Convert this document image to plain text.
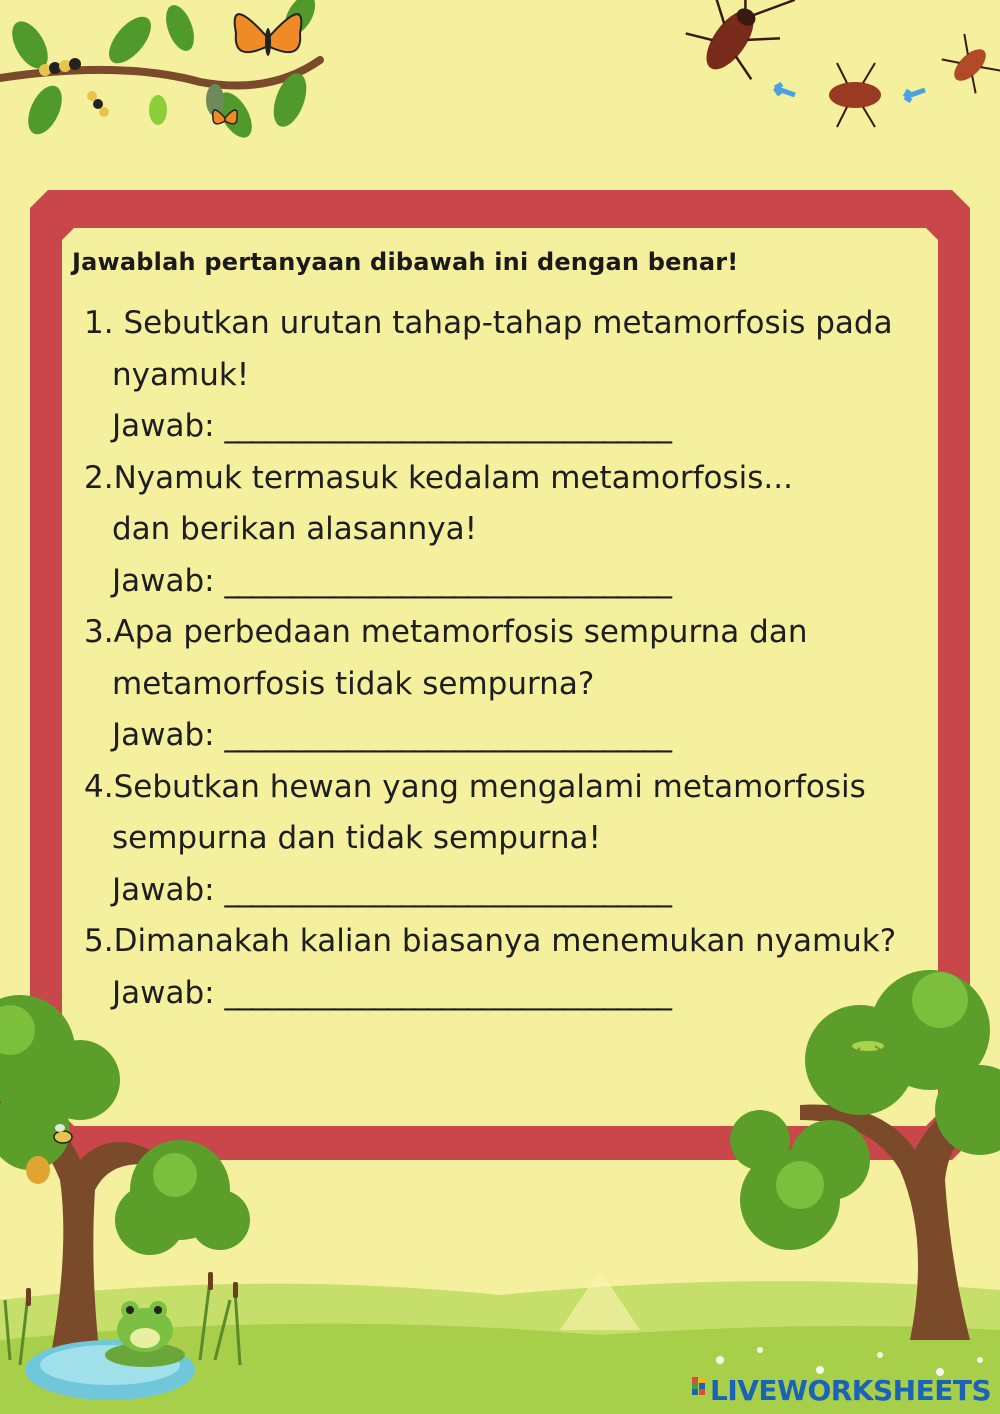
Jawablah pertanyaan dibawah ini dengan benar!
1. Sebutkan urutan tahap-tahap metamorfosis pada
nyamuk!
Jawab: _________________________________
2.Nyamuk termasuk kedalam metamorfosis...
dan berikan alasannya!
Jawab: _________________________________
3.Apa perbedaan metamorfosis sempurna dan
metamorfosis tidak sempurna?
Jawab: _________________________________
4.Sebutkan hewan yang mengalami metamorfosis
sempurna dan tidak sempurna!
Jawab: _________________________________
5.Dimanakah kalian biasanya menemukan nyamuk?
Jawab: _________________________________
LIVEWORKSHEETS
